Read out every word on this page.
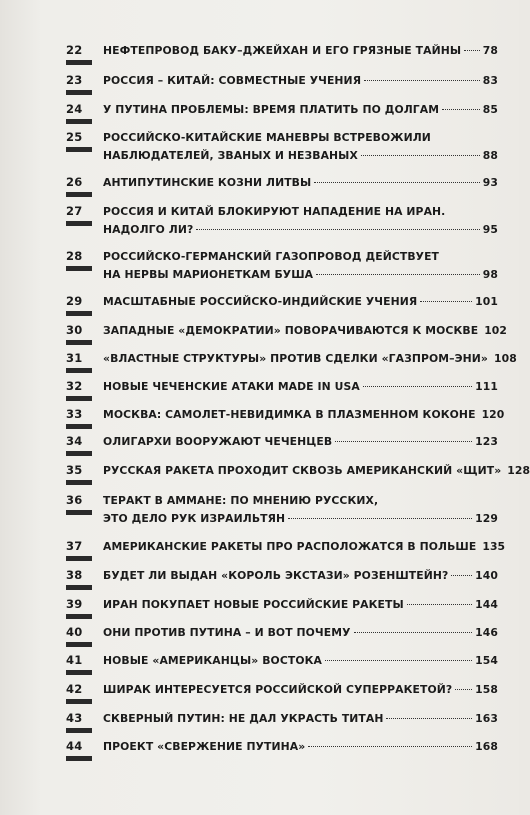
22	НЕФТЕПРОВОД БАКУ–ДЖЕЙХАН И ЕГО ГРЯЗНЫЕ ТАЙНЫ 78
23	РОССИЯ – КИТАЙ: СОВМЕСТНЫЕ УЧЕНИЯ	83
24	У ПУТИНА ПРОБЛЕМЫ: ВРЕМЯ ПЛАТИТЬ ПО ДОЛГАМ	85
25	РОССИЙСКО-КИТАЙСКИЕ МАНЕВРЫ ВСТРЕВОЖИЛИ
НАБЛЮДАТЕЛЕЙ, ЗВАНЫХ И НЕЗВАНЫХ	88
26	АНТИПУТИНСКИЕ КОЗНИ ЛИТВЫ	93
27	РОССИЯ И КИТАЙ БЛОКИРУЮТ НАПАДЕНИЕ НА ИРАН.
НАДОЛГО ЛИ?	95
28	РОССИЙСКО-ГЕРМАНСКИЙ ГАЗОПРОВОД ДЕЙСТВУЕТ
НА НЕРВЫ МАРИОНЕТКАМ БУША	98
29	МАСШТАБНЫЕ РОССИЙСКО-ИНДИЙСКИЕ УЧЕНИЯ	101
30	ЗАПАДНЫЕ «ДЕМОКРАТИИ» ПОВОРАЧИВАЮТСЯ К МОСКВЕ 102
31	«ВЛАСТНЫЕ СТРУКТУРЫ» ПРОТИВ СДЕЛКИ «ГАЗПРОМ–ЭНИ» 108
32	НОВЫЕ ЧЕЧЕНСКИЕ АТАКИ MADE IN USA	111
33	МОСКВА: САМОЛЕТ-НЕВИДИМКА В ПЛАЗМЕННОМ КОКОНЕ 120
34	ОЛИГАРХИ ВООРУЖАЮТ ЧЕЧЕНЦЕВ	123
35	РУССКАЯ РАКЕТА ПРОХОДИТ СКВОЗЬ АМЕРИКАНСКИЙ «ЩИТ» 128
36	ТЕРАКТ В АММАНЕ: ПО МНЕНИЮ РУССКИХ,
ЭТО ДЕЛО РУК ИЗРАИЛЬТЯН	129
37	АМЕРИКАНСКИЕ РАКЕТЫ ПРО РАСПОЛОЖАТСЯ В ПОЛЬШЕ 135
38	БУДЕТ ЛИ ВЫДАН «КОРОЛЬ ЭКСТАЗИ» РОЗЕНШТЕЙН? 140
39	ИРАН ПОКУПАЕТ НОВЫЕ РОССИЙСКИЕ РАКЕТЫ	144
40	ОНИ ПРОТИВ ПУТИНА – И ВОТ ПОЧЕМУ	146
41	НОВЫЕ «АМЕРИКАНЦЫ» ВОСТОКА	154
42	ШИРАК ИНТЕРЕСУЕТСЯ РОССИЙСКОЙ СУПЕРРАКЕТОЙ? 158
43	СКВЕРНЫЙ ПУТИН: НЕ ДАЛ УКРАСТЬ ТИТАН	163
44	ПРОЕКТ «СВЕРЖЕНИЕ ПУТИНА»	168
